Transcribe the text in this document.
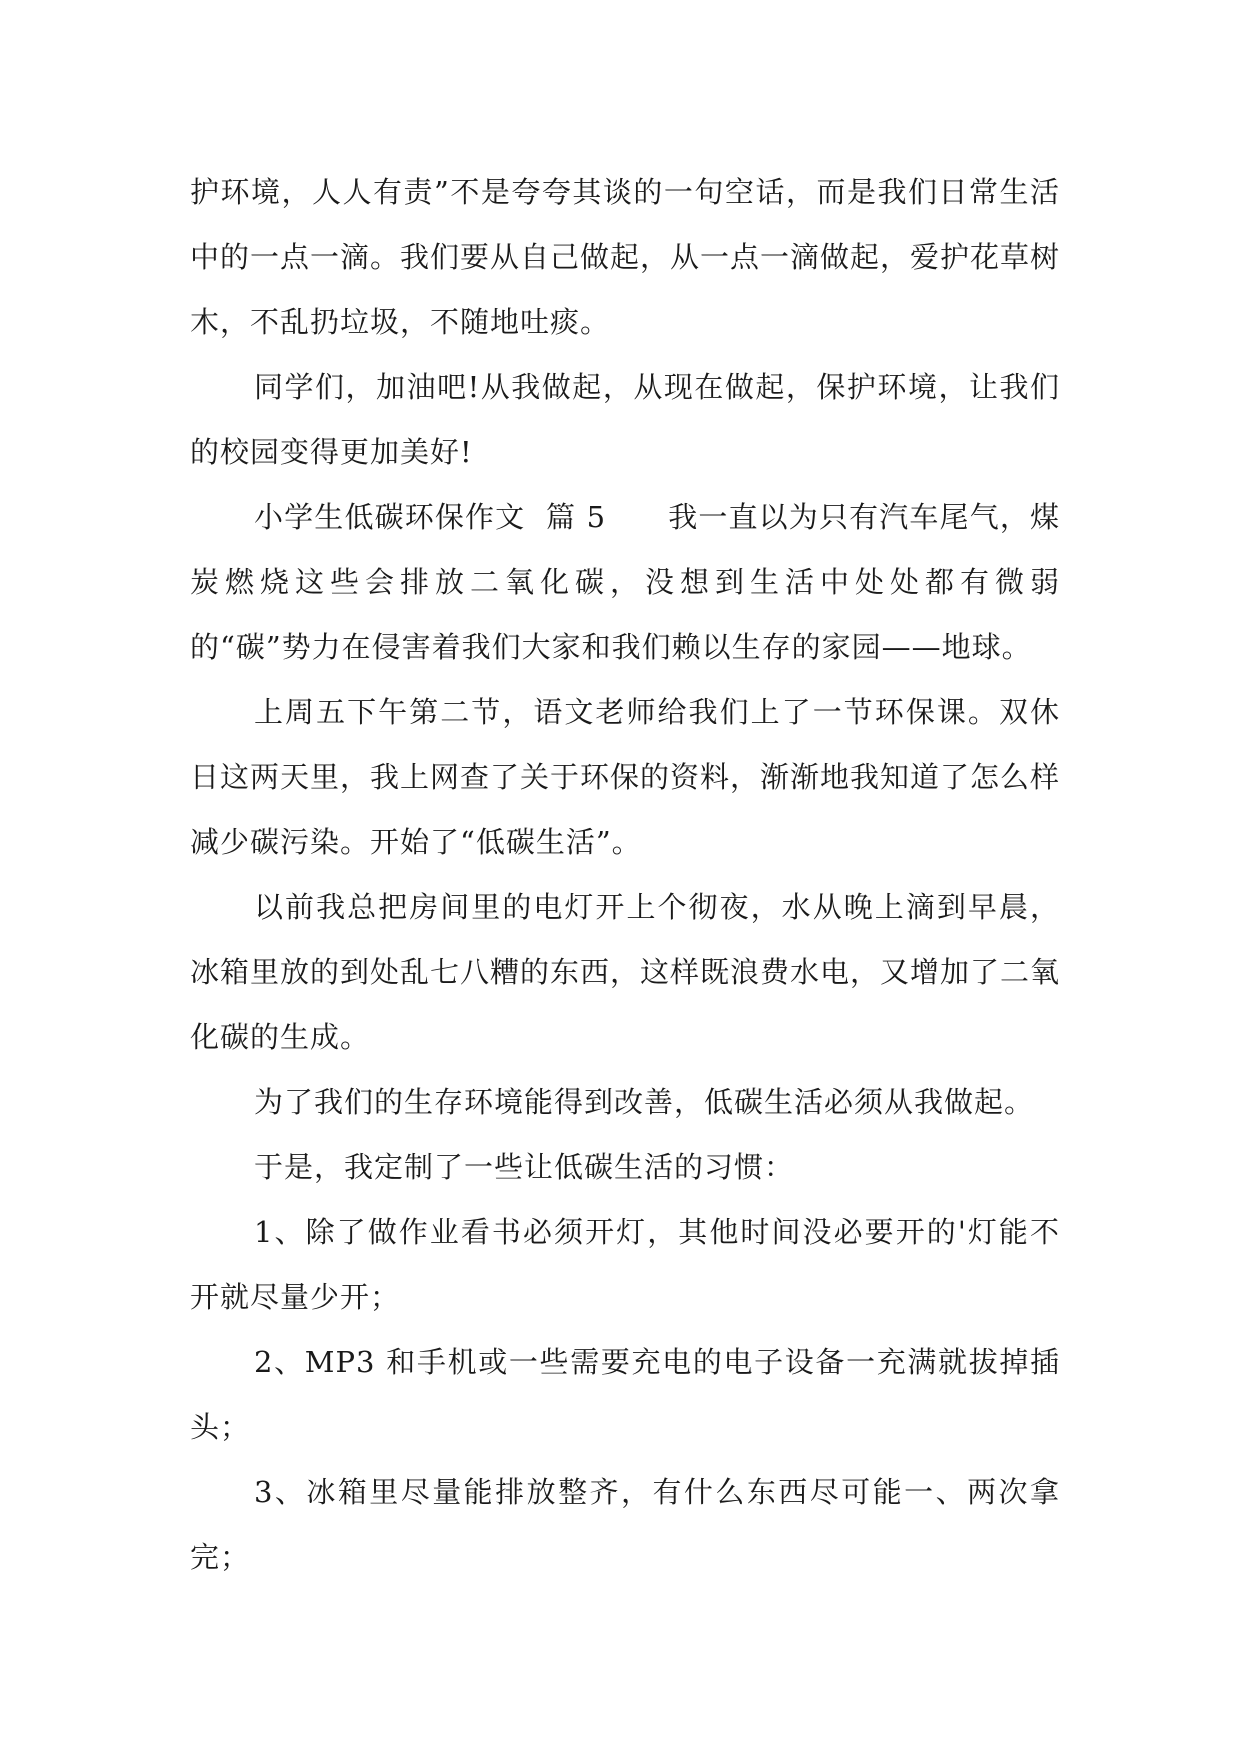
护环境，人人有责”不是夸夸其谈的一句空话，而是我们日常生活中的一点一滴。我们要从自己做起，从一点一滴做起，爱护花草树木，不乱扔垃圾，不随地吐痰。

同学们，加油吧!从我做起，从现在做起，保护环境，让我们的校园变得更加美好!

小学生低碳环保作文  篇 5      我一直以为只有汽车尾气，煤炭燃烧这些会排放二氧化碳，没想到生活中处处都有微弱的“碳”势力在侵害着我们大家和我们赖以生存的家园——地球。

上周五下午第二节，语文老师给我们上了一节环保课。双休日这两天里，我上网查了关于环保的资料，渐渐地我知道了怎么样减少碳污染。开始了“低碳生活”。

以前我总把房间里的电灯开上个彻夜，水从晚上滴到早晨，冰箱里放的到处乱七八糟的东西，这样既浪费水电，又增加了二氧化碳的生成。

为了我们的生存环境能得到改善，低碳生活必须从我做起。

于是，我定制了一些让低碳生活的习惯：

1、除了做作业看书必须开灯，其他时间没必要开的'灯能不开就尽量少开；

2、MP3 和手机或一些需要充电的电子设备一充满就拔掉插头；

3、冰箱里尽量能排放整齐，有什么东西尽可能一、两次拿完；
